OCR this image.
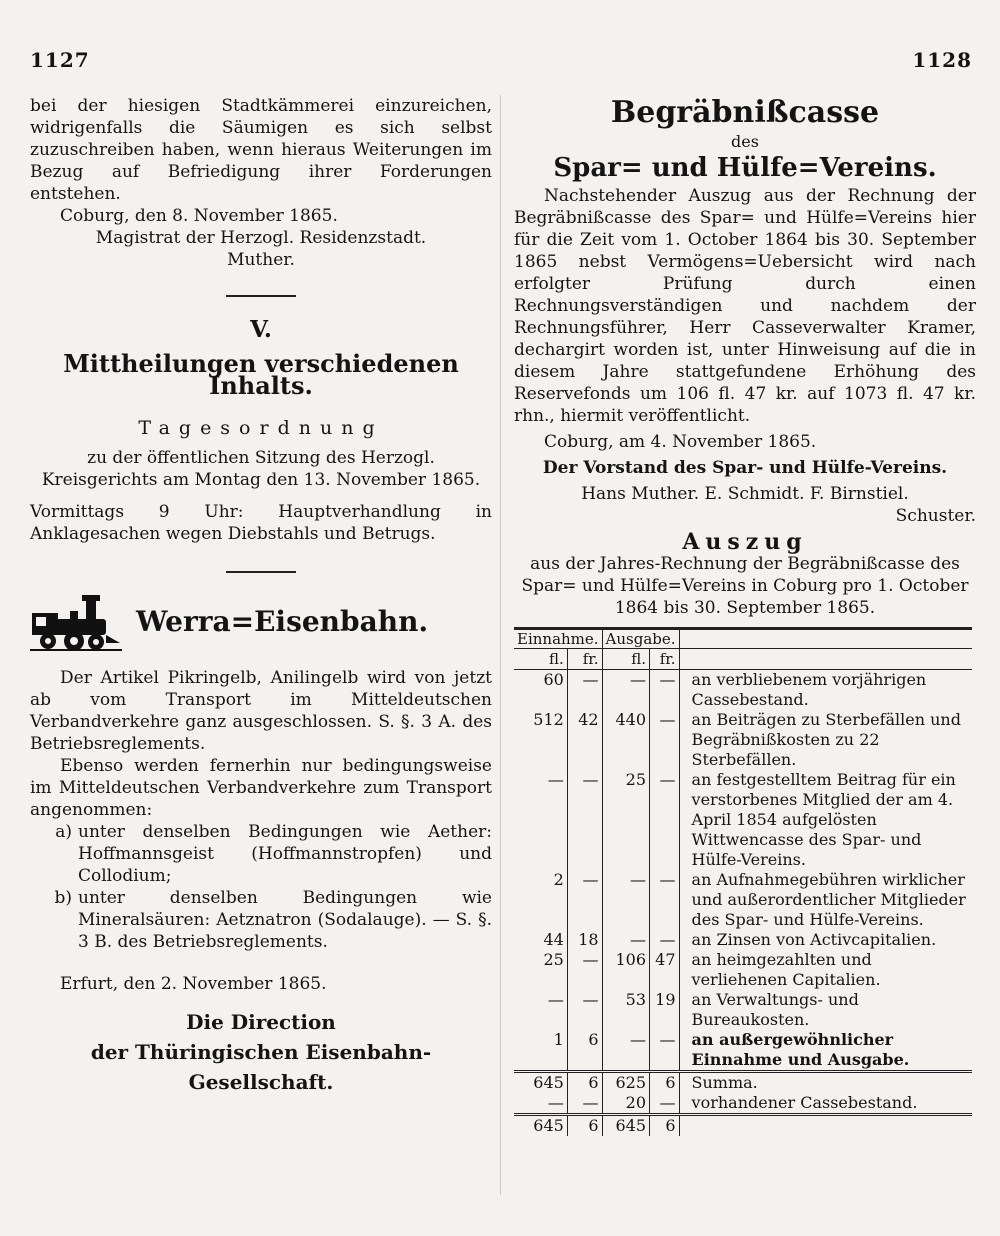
1127	1128

bei der hiesigen Stadtkämmerei einzureichen, widrigenfalls die Säumigen es sich selbst zuzuschreiben haben, wenn hieraus Weiterungen im Bezug auf Befriedigung ihrer Forderungen entstehen.

Coburg, den 8. November 1865.

Magistrat der Herzogl. Residenzstadt.

Muther.

V.

Mittheilungen verschiedenen Inhalts.

Tagesordnung

zu der öffentlichen Sitzung des Herzogl. Kreisgerichts am Montag den 13. November 1865.

Vormittags 9 Uhr: Hauptverhandlung in Anklagesachen wegen Diebstahls und Betrugs.

Werra=Eisenbahn.

Der Artikel Pikringelb, Anilingelb wird von jetzt ab vom Transport im Mitteldeutschen Verbandverkehre ganz ausgeschlossen. S. §. 3 A. des Betriebsreglements.

Ebenso werden fernerhin nur bedingungsweise im Mitteldeutschen Verbandverkehre zum Transport angenommen:

a) unter denselben Bedingungen wie Aether: Hoffmannsgeist (Hoffmannstropfen) und Collodium;
b) unter denselben Bedingungen wie Mineralsäuren: Aetznatron (Sodalauge). — S. §. 3 B. des Betriebsreglements.

Erfurt, den 2. November 1865.

Die Direction

der Thüringischen Eisenbahn-

Gesellschaft.

Begräbnißcasse

des

Spar= und Hülfe=Vereins.

Nachstehender Auszug aus der Rechnung der Begräbnißcasse des Spar= und Hülfe=Vereins hier für die Zeit vom 1. October 1864 bis 30. September 1865 nebst Vermögens=Uebersicht wird nach erfolgter Prüfung durch einen Rechnungsverständigen und nachdem der Rechnungsführer, Herr Casseverwalter Kramer, dechargirt worden ist, unter Hinweisung auf die in diesem Jahre stattgefundene Erhöhung des Reservefonds um 106 fl. 47 kr. auf 1073 fl. 47 kr. rhn., hiermit veröffentlicht.

Coburg, am 4. November 1865.

Der Vorstand des Spar- und Hülfe-Vereins.

Hans Muther. E. Schmidt. F. Birnstiel.

Schuster.

Auszug

aus der Jahres-Rechnung der Begräbnißcasse des Spar= und Hülfe=Vereins in Coburg pro 1. October 1864 bis 30. September 1865.

Einnahme.		Ausgabe.		
fl.	fr.	fl.	fr.	
60	—	—	—	an verbliebenem vorjährigen Cassebestand.
512	42	440	—	an Beiträgen zu Sterbefällen und Begräbnißkosten zu 22 Sterbefällen.
—	—	25	—	an festgestelltem Beitrag für ein verstorbenes Mitglied der am 4. April 1854 aufgelösten Wittwencasse des Spar- und Hülfe-Vereins.
2	—	—	—	an Aufnahmegebühren wirklicher und außerordentlicher Mitglieder des Spar- und Hülfe-Vereins.
44	18	—	—	an Zinsen von Activcapitalien.
25	—	106	47	an heimgezahlten und verliehenen Capitalien.
—	—	53	19	an Verwaltungs- und Bureaukosten.
1	6	—	—	an außergewöhnlicher Einnahme und Ausgabe.
645	6	625	6	Summa.
—	—	20	—	vorhandener Cassebestand.
645	6	645	6	
